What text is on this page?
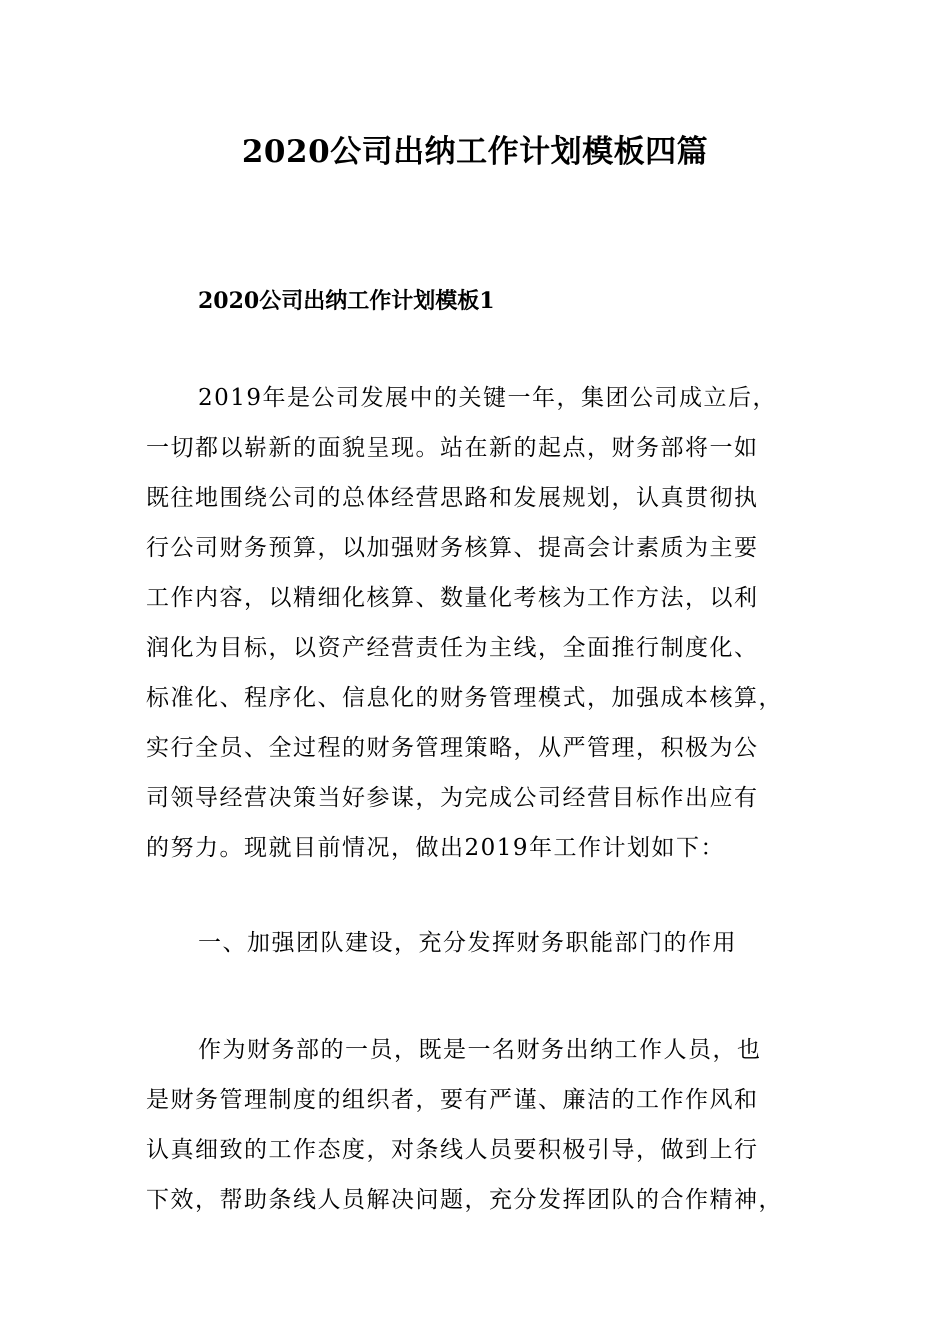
2020公司出纳工作计划模板四篇
2020公司出纳工作计划模板1
2019年是公司发展中的关键一年，集团公司成立后，
一切都以崭新的面貌呈现。站在新的起点，财务部将一如
既往地围绕公司的总体经营思路和发展规划，认真贯彻执
行公司财务预算，以加强财务核算、提高会计素质为主要
工作内容，以精细化核算、数量化考核为工作方法，以利
润化为目标，以资产经营责任为主线，全面推行制度化、
标准化、程序化、信息化的财务管理模式，加强成本核算，
实行全员、全过程的财务管理策略，从严管理，积极为公
司领导经营决策当好参谋，为完成公司经营目标作出应有
的努力。现就目前情况，做出2019年工作计划如下：
一、加强团队建设，充分发挥财务职能部门的作用
作为财务部的一员，既是一名财务出纳工作人员，也
是财务管理制度的组织者，要有严谨、廉洁的工作作风和
认真细致的工作态度，对条线人员要积极引导，做到上行
下效，帮助条线人员解决问题，充分发挥团队的合作精神，
